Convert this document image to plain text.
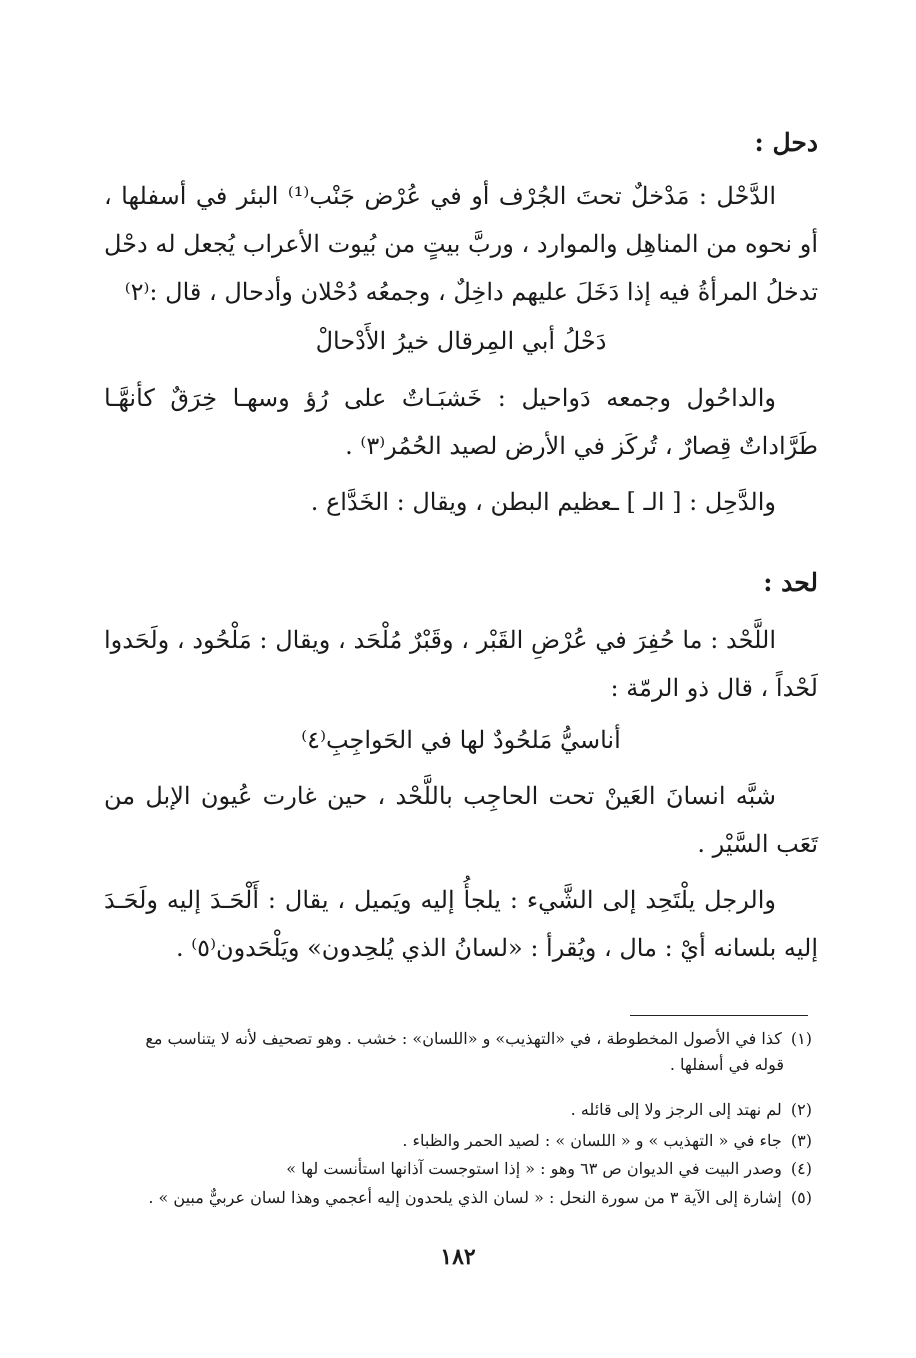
دحل :
الدَّحْل : مَدْخلٌ تحتَ الجُرْف أو في عُرْض جَنْب⁽¹⁾ البئر في أسفلها ، أو نحوه من المناهِل والموارد ، وربَّ بيتٍ من بُيوت الأعراب يُجعل له دحْل تدخلُ المرأةُ فيه إذا دَخَلَ عليهم داخِلٌ ، وجمعُه دُحْلان وأدحال ، قال :⁽٢⁾
دَحْلُ أبي المِرقال خيرُ الأَدْحالْ
والداحُول وجمعه دَواحيل : خَشبَـاتٌ على رُؤ وسهـا خِرَقٌ كأنهَّـا طَرَّاداتٌ قِصارٌ ، تُركَز في الأرض لصيد الحُمُر⁽٣⁾ .
والدَّحِل : [ الـ ] ـعظيم البطن ، ويقال : الخَدَّاع .
لحد :
اللَّحْد : ما حُفِرَ في عُرْضِ القَبْر ، وقَبْرٌ مُلْحَد ، ويقال : مَلْحُود ، ولَحَدوا لَحْداً ، قال ذو الرمّة :
أناسيُّ مَلحُودٌ لها في الحَواجِبِ⁽٤⁾
شبَّه انسانَ العَينْ تحت الحاجِب باللَّحْد ، حين غارت عُيون الإبل من تَعَب السَّيْر .
والرجل يلْتَحِد إلى الشَّيء : يلجأُ إليه ويَميل ، يقال : أَلْحَـدَ إليه ولَحَـدَ إليه بلسانه أيْ : مال ، ويُقرأ : «لسانُ الذي يُلحِدون» ويَلْحَدون⁽٥⁾ .
(١) كذا في الأصول المخطوطة ، في «التهذيب» و «اللسان» : خشب . وهو تصحيف لأنه لا يتناسب مع
قوله في أسفلها .
(٢) لم نهتد إلى الرجز ولا إلى قائله .
(٣) جاء في « التهذيب » و « اللسان » : لصيد الحمر والظباء .
(٤) وصدر البيت في الديوان ص ٦٣ وهو : « إذا استوجست آذانها استأنست لها »
(٥) إشارة إلى الآية ٣ من سورة النحل : « لسان الذي يلحدون إليه أعجمي وهذا لسان عربيٌّ مبين » .
١٨٢
